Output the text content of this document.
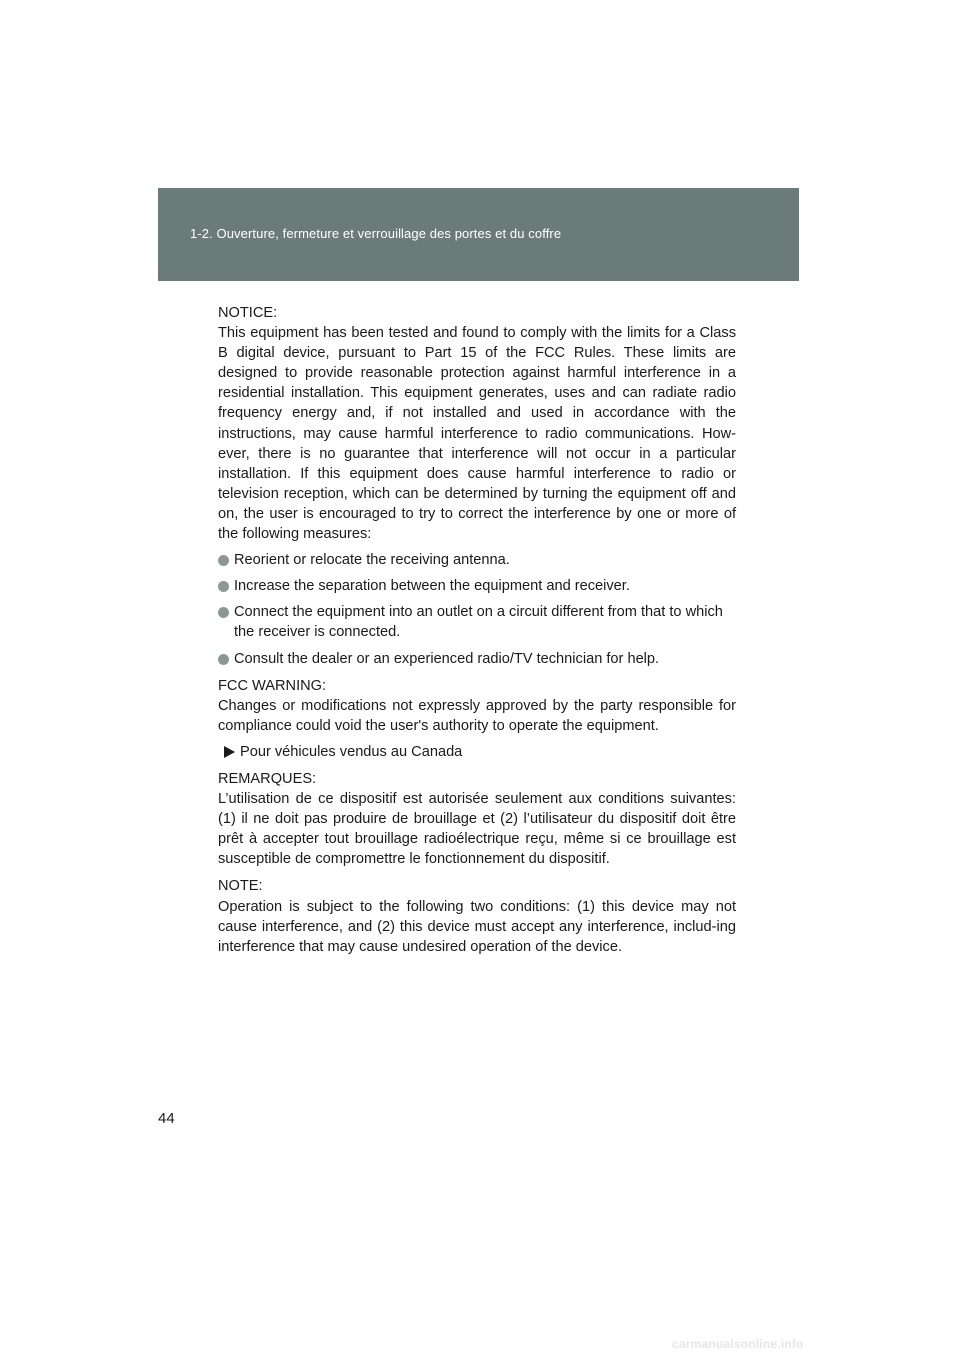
1-2. Ouverture, fermeture et verrouillage des portes et du coffre

NOTICE:

This equipment has been tested and found to comply with the limits for a Class B digital device, pursuant to Part 15 of the FCC Rules. These limits are designed to provide reasonable protection against harmful interference in a residential installation. This equipment generates, uses and can radiate radio frequency energy and, if not installed and used in accordance with the instructions, may cause harmful interference to radio communications. How-ever, there is no guarantee that interference will not occur in a particular installation. If this equipment does cause harmful interference to radio or television reception, which can be determined by turning the equipment off and on, the user is encouraged to try to correct the interference by one or more of the following measures:

Reorient or relocate the receiving antenna.

Increase the separation between the equipment and receiver.

Connect the equipment into an outlet on a circuit different from that to which the receiver is connected.

Consult the dealer or an experienced radio/TV technician for help.

FCC WARNING:

Changes or modifications not expressly approved by the party responsible for compliance could void the user's authority to operate the equipment.

Pour véhicules vendus au Canada

REMARQUES:

L’utilisation de ce dispositif est autorisée seulement aux conditions suivantes: (1) il ne doit pas produire de brouillage et (2) l’utilisateur du dispositif doit être prêt à accepter tout brouillage radioélectrique reçu, même si ce brouillage est susceptible de compromettre le fonctionnement du dispositif.

NOTE:

Operation is subject to the following two conditions: (1) this device may not cause interference, and (2) this device must accept any interference, includ-ing interference that may cause undesired operation of the device.

44
carmanualsonline.info
